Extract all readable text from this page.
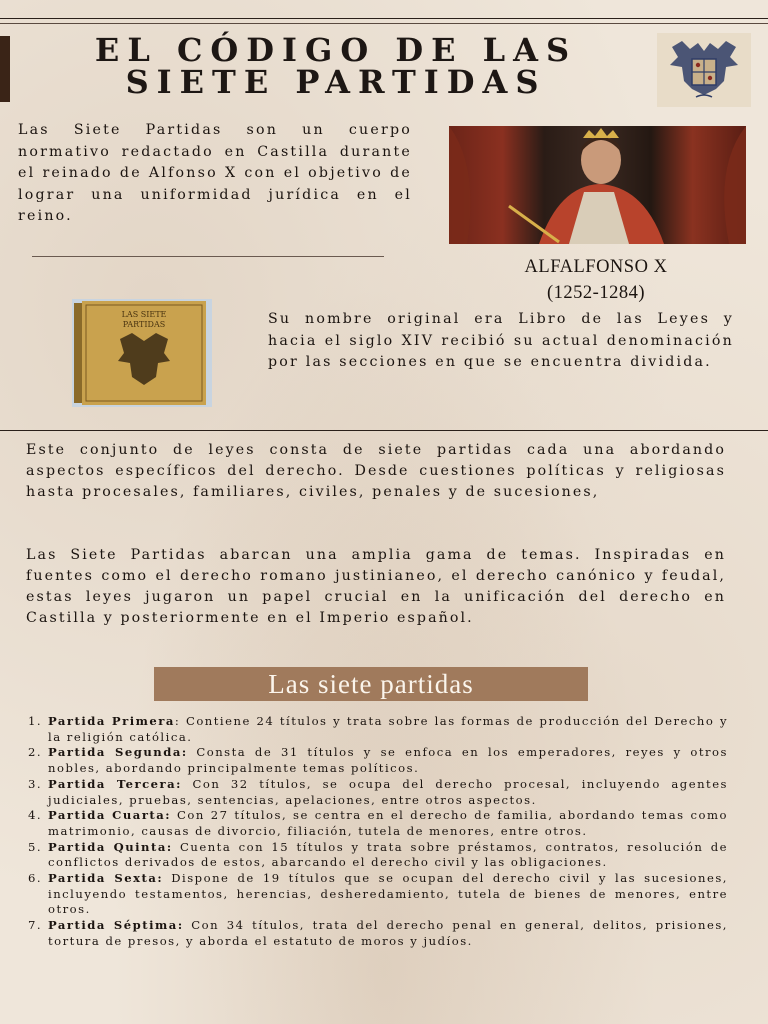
EL CÓDIGO DE LAS
SIETE PARTIDAS

Las Siete Partidas son un cuerpo normativo redactado en Castilla durante el reinado de Alfonso X con el objetivo de lograr una uniformidad jurídica en el reino.

ALFALFONSO X
(1252-1284)
LAS SIETE
PARTIDAS	Su nombre original era Libro de las Leyes y hacia el siglo XIV recibió su actual denominación por las secciones en que se encuentra dividida.

Este conjunto de leyes consta de siete partidas cada una abordando aspectos específicos del derecho. Desde cuestiones políticas y religiosas hasta procesales, familiares, civiles, penales y de sucesiones,

Las Siete Partidas abarcan una amplia gama de temas. Inspiradas en fuentes como el derecho romano justinianeo, el derecho canónico y feudal, estas leyes jugaron un papel crucial en la unificación del derecho en Castilla y posteriormente en el Imperio español.

Las siete partidas
1. Partida Primera: Contiene 24 títulos y trata sobre las formas de producción del Derecho y la religión católica.
2. Partida Segunda: Consta de 31 títulos y se enfoca en los emperadores, reyes y otros nobles, abordando principalmente temas políticos.
3. Partida Tercera: Con 32 títulos, se ocupa del derecho procesal, incluyendo agentes judiciales, pruebas, sentencias, apelaciones, entre otros aspectos.
4. Partida Cuarta: Con 27 títulos, se centra en el derecho de familia, abordando temas como matrimonio, causas de divorcio, filiación, tutela de menores, entre otros.
5. Partida Quinta: Cuenta con 15 títulos y trata sobre préstamos, contratos, resolución de conflictos derivados de estos, abarcando el derecho civil y las obligaciones.
6. Partida Sexta: Dispone de 19 títulos que se ocupan del derecho civil y las sucesiones, incluyendo testamentos, herencias, desheredamiento, tutela de bienes de menores, entre otros.
7. Partida Séptima: Con 34 títulos, trata del derecho penal en general, delitos, prisiones, tortura de presos, y aborda el estatuto de moros y judíos.
